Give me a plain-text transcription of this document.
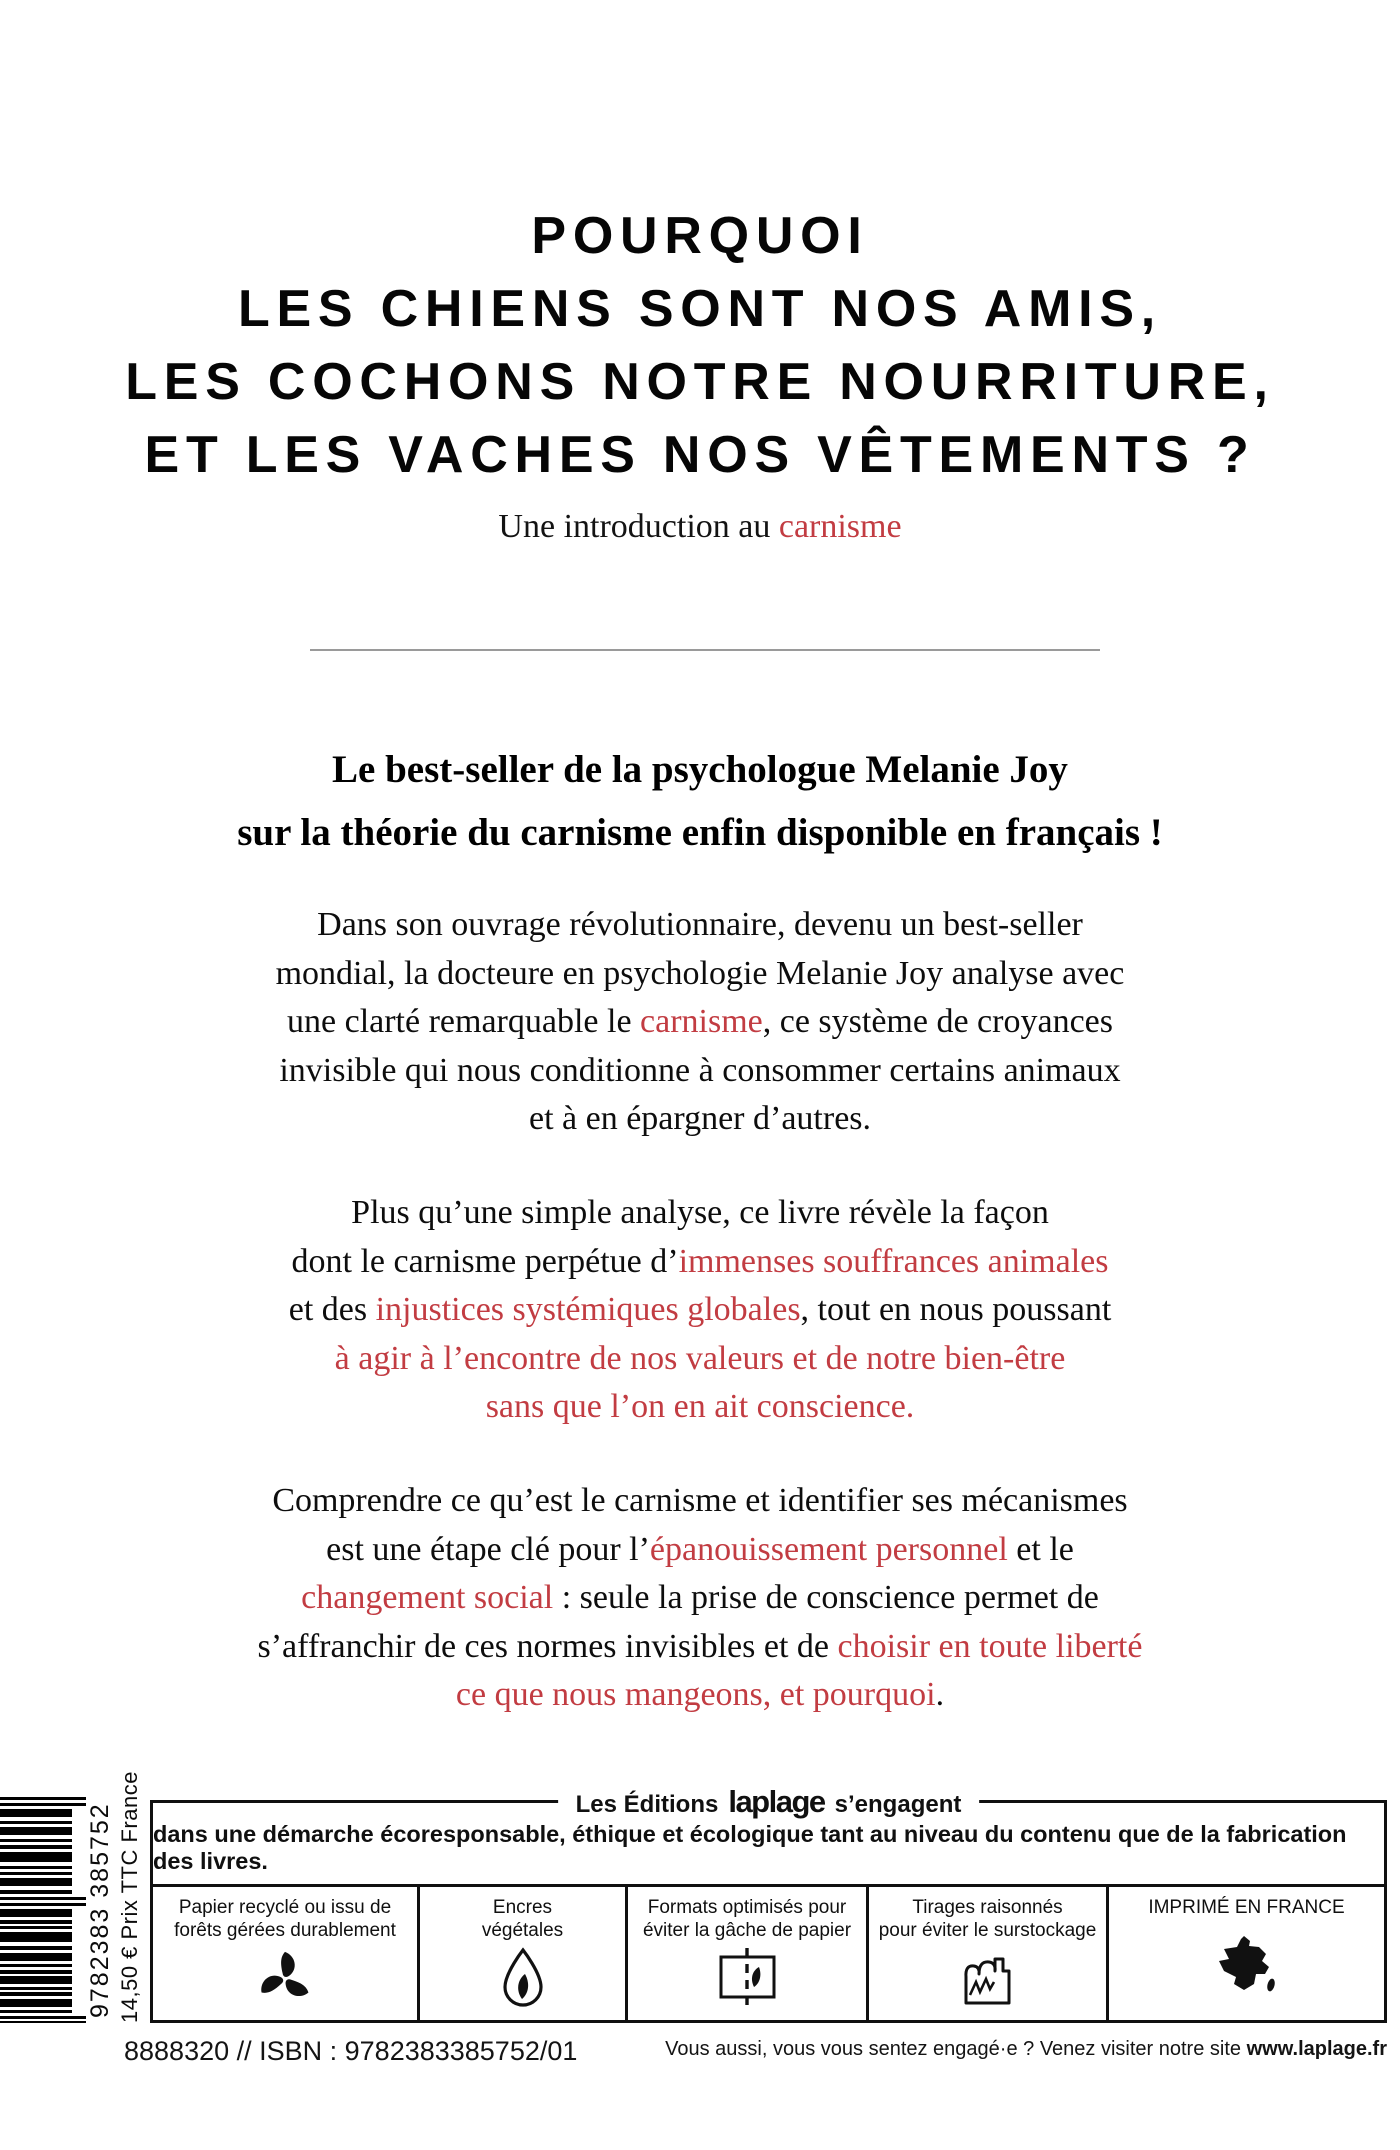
POURQUOI
LES CHIENS SONT NOS AMIS,
LES COCHONS NOTRE NOURRITURE,
ET LES VACHES NOS VÊTEMENTS ?
Une introduction au carnisme
Le best-seller de la psychologue Melanie Joy
sur la théorie du carnisme enfin disponible en français !

Dans son ouvrage révolutionnaire, devenu un best-seller
mondial, la docteure en psychologie Melanie Joy analyse avec
une clarté remarquable le carnisme, ce système de croyances
invisible qui nous conditionne à consommer certains animaux
et à en épargner d’autres.

Plus qu’une simple analyse, ce livre révèle la façon
dont le carnisme perpétue d’immenses souffrances animales
et des injustices systémiques globales, tout en nous poussant
à agir à l’encontre de nos valeurs et de notre bien-être
sans que l’on en ait conscience.

Comprendre ce qu’est le carnisme et identifier ses mécanismes
est une étape clé pour l’épanouissement personnel et le
changement social : seule la prise de conscience permet de
s’affranchir de ces normes invisibles et de choisir en toute liberté
ce que nous mangeons, et pourquoi.

Les Éditions laplage s’engagent
dans une démarche écoresponsable, éthique et écologique tant au niveau du contenu que de la fabrication des livres.
Papier recyclé ou issu de
forêts gérées durablement
Encres
végétales
Formats optimisés pour
éviter la gâche de papier
Tirages raisonnés
pour éviter le surstockage
IMPRIMÉ EN FRANCE
9782383 385752 14,50 € Prix TTC France
8888320 // ISBN : 9782383385752/01	Vous aussi, vous vous sentez engagé·e ? Venez visiter notre site www.laplage.fr
